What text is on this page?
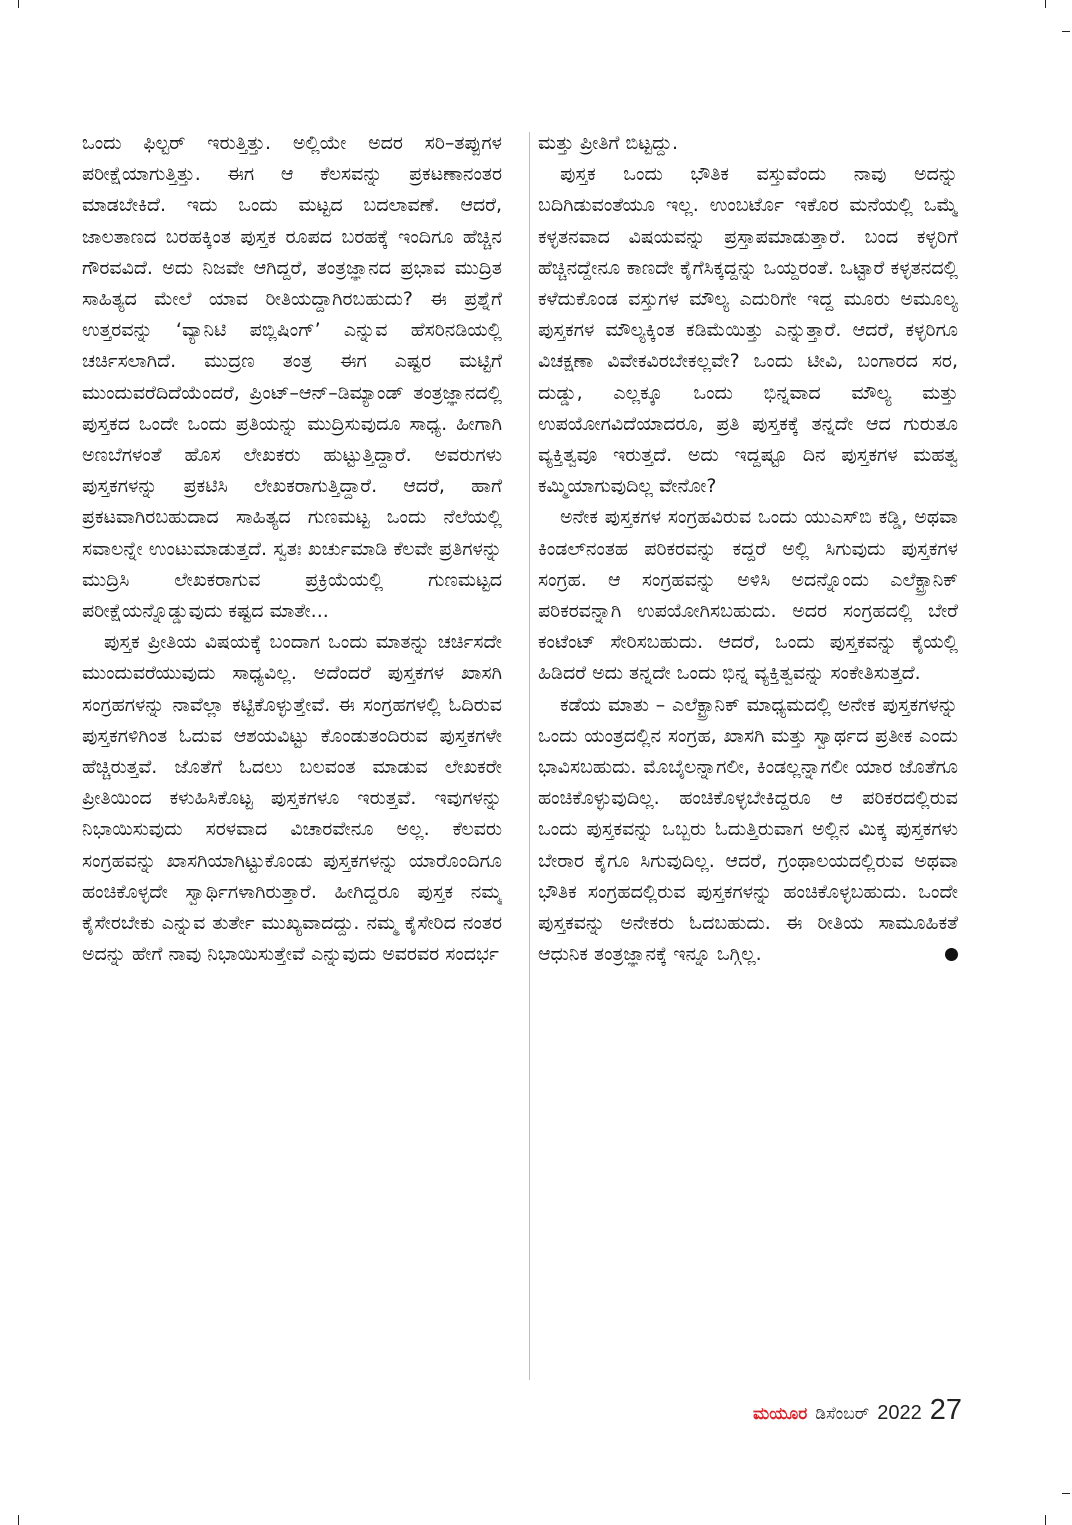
ಒಂದು ಫಿಲ್ಟರ್ ಇರುತ್ತಿತ್ತು. ಅಲ್ಲಿಯೇ ಅದರ ಸರಿ–ತಪ್ಪುಗಳ ಪರೀಕ್ಷೆಯಾಗುತ್ತಿತ್ತು. ಈಗ ಆ ಕೆಲಸವನ್ನು ಪ್ರಕಟಣಾನಂತರ ಮಾಡಬೇಕಿದೆ. ಇದು ಒಂದು ಮಟ್ಟದ ಬದಲಾವಣೆ. ಆದರೆ, ಜಾಲತಾಣದ ಬರಹಕ್ಕಿಂತ ಪುಸ್ತಕ ರೂಪದ ಬರಹಕ್ಕೆ ಇಂದಿಗೂ ಹೆಚ್ಚಿನ ಗೌರವವಿದೆ. ಅದು ನಿಜವೇ ಆಗಿದ್ದರೆ, ತಂತ್ರಜ್ಞಾನದ ಪ್ರಭಾವ ಮುದ್ರಿತ ಸಾಹಿತ್ಯದ ಮೇಲೆ ಯಾವ ರೀತಿಯದ್ದಾಗಿರಬಹುದು? ಈ ಪ್ರಶ್ನೆಗೆ ಉತ್ತರವನ್ನು ‘ವ್ಯಾನಿಟಿ ಪಬ್ಲಿಷಿಂಗ್’ ಎನ್ನುವ ಹೆಸರಿನಡಿಯಲ್ಲಿ ಚರ್ಚಿಸಲಾಗಿದೆ. ಮುದ್ರಣ ತಂತ್ರ ಈಗ ಎಷ್ಟರ ಮಟ್ಟಿಗೆ ಮುಂದುವರೆದಿದೆಯೆಂದರೆ, ಪ್ರಿಂಟ್–ಆನ್–ಡಿಮ್ಯಾಂಡ್ ತಂತ್ರಜ್ಞಾನದಲ್ಲಿ ಪುಸ್ತಕದ ಒಂದೇ ಒಂದು ಪ್ರತಿಯನ್ನು ಮುದ್ರಿಸುವುದೂ ಸಾಧ್ಯ. ಹೀಗಾಗಿ ಅಣಬೆಗಳಂತೆ ಹೊಸ ಲೇಖಕರು ಹುಟ್ಟುತ್ತಿದ್ದಾರೆ. ಅವರುಗಳು ಪುಸ್ತಕಗಳನ್ನು ಪ್ರಕಟಿಸಿ ಲೇಖಕರಾಗುತ್ತಿದ್ದಾರೆ. ಆದರೆ, ಹಾಗೆ ಪ್ರಕಟವಾಗಿರಬಹುದಾದ ಸಾಹಿತ್ಯದ ಗುಣಮಟ್ಟ ಒಂದು ನೆಲೆಯಲ್ಲಿ ಸವಾಲನ್ನೇ ಉಂಟುಮಾಡುತ್ತದೆ. ಸ್ವತಃ ಖರ್ಚುಮಾಡಿ ಕೆಲವೇ ಪ್ರತಿಗಳನ್ನು ಮುದ್ರಿಸಿ ಲೇಖಕರಾಗುವ ಪ್ರಕ್ರಿಯೆಯಲ್ಲಿ ಗುಣಮಟ್ಟದ ಪರೀಕ್ಷೆಯನ್ನೊಡ್ಡುವುದು ಕಷ್ಟದ ಮಾತೇ...

ಪುಸ್ತಕ ಪ್ರೀತಿಯ ವಿಷಯಕ್ಕೆ ಬಂದಾಗ ಒಂದು ಮಾತನ್ನು ಚರ್ಚಿಸದೇ ಮುಂದುವರೆಯುವುದು ಸಾಧ್ಯವಿಲ್ಲ. ಅದೆಂದರೆ ಪುಸ್ತಕಗಳ ಖಾಸಗಿ ಸಂಗ್ರಹಗಳನ್ನು ನಾವೆಲ್ಲಾ ಕಟ್ಟಿಕೊಳ್ಳುತ್ತೇವೆ. ಈ ಸಂಗ್ರಹಗಳಲ್ಲಿ ಓದಿರುವ ಪುಸ್ತಕಗಳಿಗಿಂತ ಓದುವ ಆಶಯವಿಟ್ಟು ಕೊಂಡುತಂದಿರುವ ಪುಸ್ತಕಗಳೇ ಹೆಚ್ಚಿರುತ್ತವೆ. ಜೊತೆಗೆ ಓದಲು ಬಲವಂತ ಮಾಡುವ ಲೇಖಕರೇ ಪ್ರೀತಿಯಿಂದ ಕಳುಹಿಸಿಕೊಟ್ಟ ಪುಸ್ತಕಗಳೂ ಇರುತ್ತವೆ. ಇವುಗಳನ್ನು ನಿಭಾಯಿಸುವುದು ಸರಳವಾದ ವಿಚಾರವೇನೂ ಅಲ್ಲ. ಕೆಲವರು ಸಂಗ್ರಹವನ್ನು ಖಾಸಗಿಯಾಗಿಟ್ಟುಕೊಂಡು ಪುಸ್ತಕಗಳನ್ನು ಯಾರೊಂದಿಗೂ ಹಂಚಿಕೊಳ್ಳದೇ ಸ್ವಾರ್ಥಿಗಳಾಗಿರುತ್ತಾರೆ. ಹೀಗಿದ್ದರೂ ಪುಸ್ತಕ ನಮ್ಮ ಕೈಸೇರಬೇಕು ಎನ್ನುವ ತುರ್ತೇ ಮುಖ್ಯವಾದದ್ದು. ನಮ್ಮ ಕೈಸೇರಿದ ನಂತರ ಅದನ್ನು ಹೇಗೆ ನಾವು ನಿಭಾಯಿಸುತ್ತೇವೆ ಎನ್ನುವುದು ಅವರವರ ಸಂದರ್ಭ

ಮತ್ತು ಪ್ರೀತಿಗೆ ಬಿಟ್ಟದ್ದು.

ಪುಸ್ತಕ ಒಂದು ಭೌತಿಕ ವಸ್ತುವೆಂದು ನಾವು ಅದನ್ನು ಬದಿಗಿಡುವಂತೆಯೂ ಇಲ್ಲ. ಉಂಬರ್ಟೊ ಇಕೊರ ಮನೆಯಲ್ಲಿ ಒಮ್ಮೆ ಕಳ್ಳತನವಾದ ವಿಷಯವನ್ನು ಪ್ರಸ್ತಾಪಮಾಡುತ್ತಾರೆ. ಬಂದ ಕಳ್ಳರಿಗೆ ಹೆಚ್ಚಿನದ್ದೇನೂ ಕಾಣದೇ ಕೈಗೆಸಿಕ್ಕದ್ದನ್ನು ಒಯ್ದರಂತೆ. ಒಟ್ಟಾರೆ ಕಳ್ಳತನದಲ್ಲಿ ಕಳೆದುಕೊಂಡ ವಸ್ತುಗಳ ಮೌಲ್ಯ ಎದುರಿಗೇ ಇದ್ದ ಮೂರು ಅಮೂಲ್ಯ ಪುಸ್ತಕಗಳ ಮೌಲ್ಯಕ್ಕಿಂತ ಕಡಿಮೆಯಿತ್ತು ಎನ್ನುತ್ತಾರೆ. ಆದರೆ, ಕಳ್ಳರಿಗೂ ವಿಚಕ್ಷಣಾ ವಿವೇಕವಿರಬೇಕಲ್ಲವೇ? ಒಂದು ಟೀವಿ, ಬಂಗಾರದ ಸರ, ದುಡ್ಡು, ಎಲ್ಲಕ್ಕೂ ಒಂದು ಭಿನ್ನವಾದ ಮೌಲ್ಯ ಮತ್ತು ಉಪಯೋಗವಿದೆಯಾದರೂ, ಪ್ರತಿ ಪುಸ್ತಕಕ್ಕೆ ತನ್ನದೇ ಆದ ಗುರುತೂ ವ್ಯಕ್ತಿತ್ವವೂ ಇರುತ್ತದೆ. ಅದು ಇದ್ದಷ್ಟೂ ದಿನ ಪುಸ್ತಕಗಳ ಮಹತ್ವ ಕಮ್ಮಿಯಾಗುವುದಿಲ್ಲ ವೇನೋ?

ಅನೇಕ ಪುಸ್ತಕಗಳ ಸಂಗ್ರಹವಿರುವ ಒಂದು ಯುಎಸ್‌ಬಿ ಕಡ್ಡಿ, ಅಥವಾ ಕಿಂಡಲ್‌ನಂತಹ ಪರಿಕರವನ್ನು ಕದ್ದರೆ ಅಲ್ಲಿ ಸಿಗುವುದು ಪುಸ್ತಕಗಳ ಸಂಗ್ರಹ. ಆ ಸಂಗ್ರಹವನ್ನು ಅಳಿಸಿ ಅದನ್ನೊಂದು ಎಲೆಕ್ಟ್ರಾನಿಕ್ ಪರಿಕರವನ್ನಾಗಿ ಉಪಯೋಗಿಸಬಹುದು. ಅದರ ಸಂಗ್ರಹದಲ್ಲಿ ಬೇರೆ ಕಂಟೆಂಟ್ ಸೇರಿಸಬಹುದು. ಆದರೆ, ಒಂದು ಪುಸ್ತಕವನ್ನು ಕೈಯಲ್ಲಿ ಹಿಡಿದರೆ ಅದು ತನ್ನದೇ ಒಂದು ಭಿನ್ನ ವ್ಯಕ್ತಿತ್ವವನ್ನು ಸಂಕೇತಿಸುತ್ತದೆ.

ಕಡೆಯ ಮಾತು – ಎಲೆಕ್ಟ್ರಾನಿಕ್ ಮಾಧ್ಯಮದಲ್ಲಿ ಅನೇಕ ಪುಸ್ತಕಗಳನ್ನು ಒಂದು ಯಂತ್ರದಲ್ಲಿನ ಸಂಗ್ರಹ, ಖಾಸಗಿ ಮತ್ತು ಸ್ವಾರ್ಥದ ಪ್ರತೀಕ ಎಂದು ಭಾವಿಸಬಹುದು. ಮೊಬೈಲನ್ನಾಗಲೀ, ಕಿಂಡಲ್ಲನ್ನಾಗಲೀ ಯಾರ ಜೊತೆಗೂ ಹಂಚಿಕೊಳ್ಳುವುದಿಲ್ಲ. ಹಂಚಿಕೊಳ್ಳಬೇಕಿದ್ದರೂ ಆ ಪರಿಕರದಲ್ಲಿರುವ ಒಂದು ಪುಸ್ತಕವನ್ನು ಒಬ್ಬರು ಓದುತ್ತಿರುವಾಗ ಅಲ್ಲಿನ ಮಿಕ್ಕ ಪುಸ್ತಕಗಳು ಬೇರಾರ ಕೈಗೂ ಸಿಗುವುದಿಲ್ಲ. ಆದರೆ, ಗ್ರಂಥಾಲಯದಲ್ಲಿರುವ ಅಥವಾ ಭೌತಿಕ ಸಂಗ್ರಹದಲ್ಲಿರುವ ಪುಸ್ತಕಗಳನ್ನು ಹಂಚಿಕೊಳ್ಳಬಹುದು. ಒಂದೇ ಪುಸ್ತಕವನ್ನು ಅನೇಕರು ಓದಬಹುದು. ಈ ರೀತಿಯ ಸಾಮೂಹಿಕತೆ ಆಧುನಿಕ ತಂತ್ರಜ್ಞಾನಕ್ಕೆ ಇನ್ನೂ ಒಗ್ಗಿಲ್ಲ.

ಮಯೂರ ಡಿಸೆಂಬರ್ 2022 27
